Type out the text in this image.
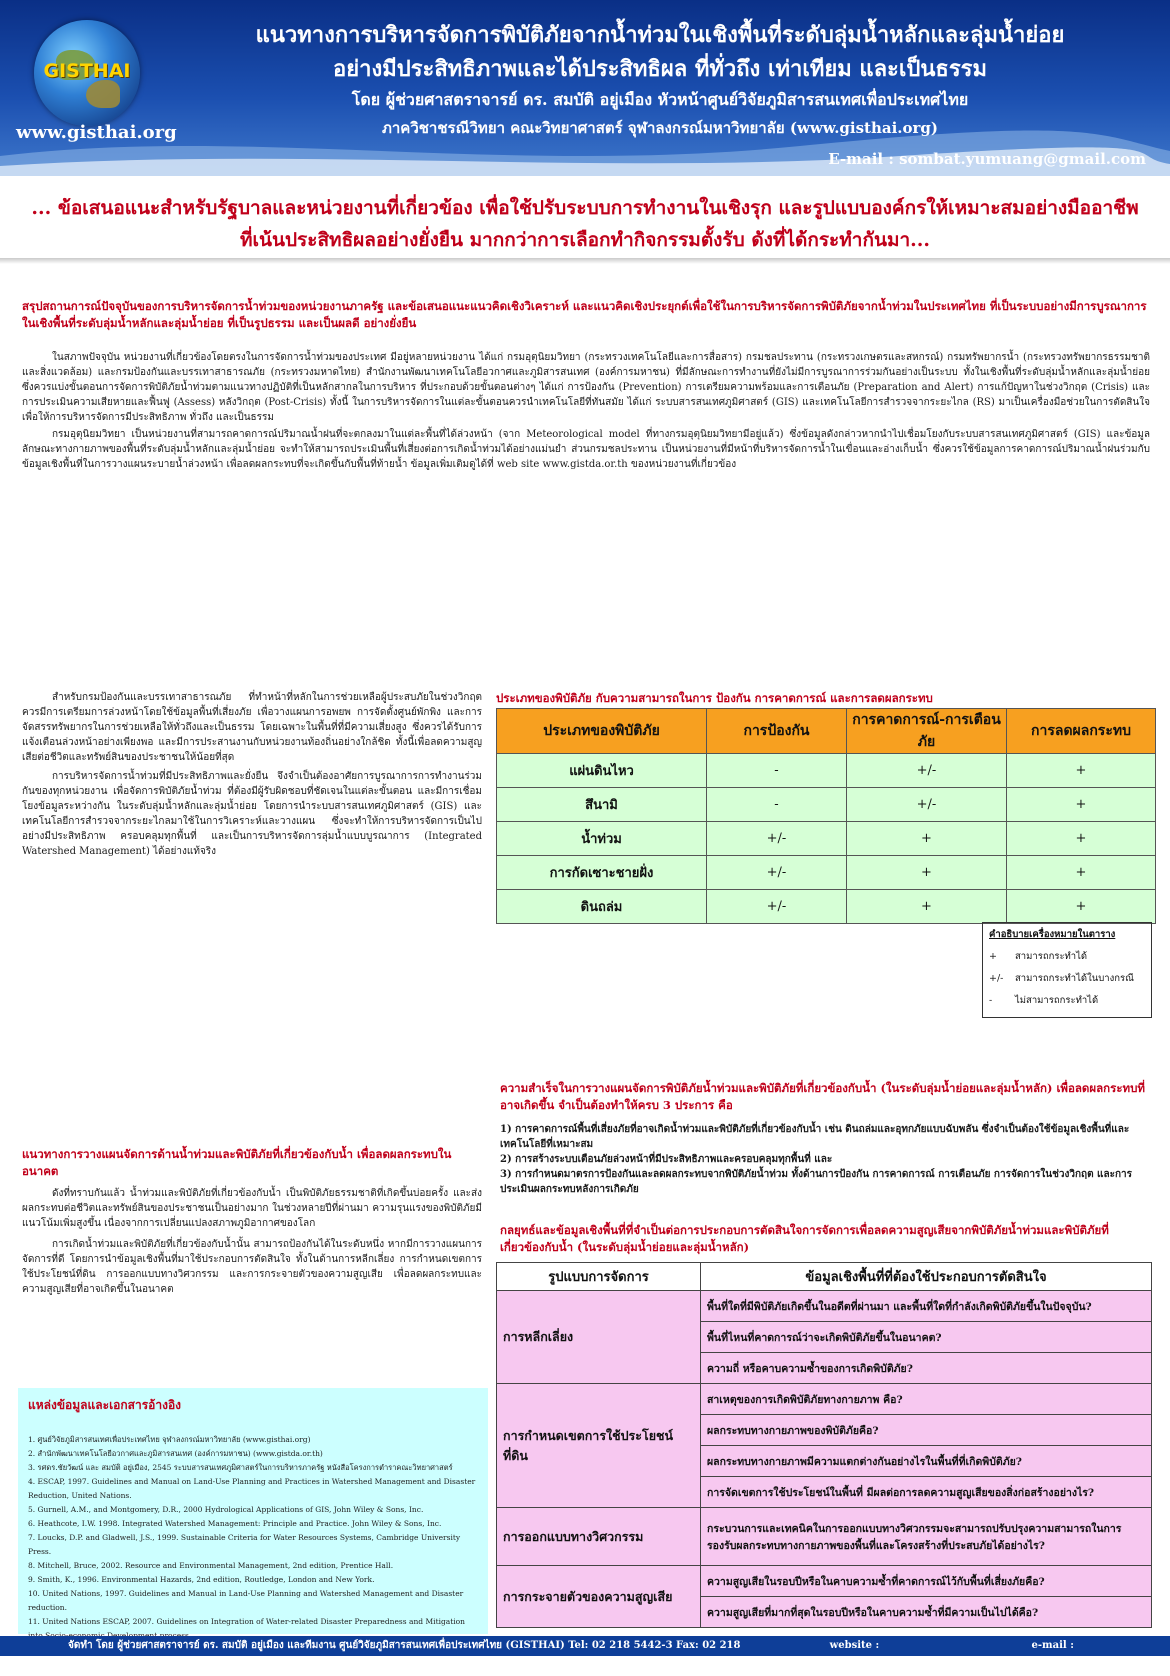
GISTHAI
www.gisthai.org
แนวทางการบริหารจัดการพิบัติภัยจากน้ำท่วมในเชิงพื้นที่ระดับลุ่มน้ำหลักและลุ่มน้ำย่อย
อย่างมีประสิทธิภาพและได้ประสิทธิผล ที่ทั่วถึง เท่าเทียม และเป็นธรรม
โดย ผู้ช่วยศาสตราจารย์ ดร. สมบัติ อยู่เมือง หัวหน้าศูนย์วิจัยภูมิสารสนเทศเพื่อประเทศไทย
ภาควิชาชรณีวิทยา คณะวิทยาศาสตร์ จุฬาลงกรณ์มหาวิทยาลัย (www.gisthai.org)
E-mail : sombat.yumuang@gmail.com
... ข้อเสนอแนะสำหรับรัฐบาลและหน่วยงานที่เกี่ยวข้อง เพื่อใช้ปรับระบบการทำงานในเชิงรุก และรูปแบบองค์กรให้เหมาะสมอย่างมืออาชีพ
ที่เน้นประสิทธิผลอย่างยั่งยืน มากกว่าการเลือกทำกิจกรรมตั้งรับ ดังที่ได้กระทำกันมา...
สรุปสถานการณ์ปัจจุบันของการบริหารจัดการน้ำท่วมของหน่วยงานภาครัฐ และข้อเสนอแนะแนวคิดเชิงวิเคราะห์ และแนวคิดเชิงประยุกต์เพื่อใช้ในการบริหารจัดการพิบัติภัยจากน้ำท่วมในประเทศไทย ที่เป็นระบบอย่างมีการบูรณาการในเชิงพื้นที่ระดับลุ่มน้ำหลักและลุ่มน้ำย่อย ที่เป็นรูปธรรม และเป็นผลดี อย่างยั่งยืน

ในสภาพปัจจุบัน หน่วยงานที่เกี่ยวข้องโดยตรงในการจัดการน้ำท่วมของประเทศ มีอยู่หลายหน่วยงาน ได้แก่ กรมอุตุนิยมวิทยา (กระทรวงเทคโนโลยีและการสื่อสาร) กรมชลประทาน (กระทรวงเกษตรและสหกรณ์) กรมทรัพยากรน้ำ (กระทรวงทรัพยากรธรรมชาติและสิ่งแวดล้อม) และกรมป้องกันและบรรเทาสาธารณภัย (กระทรวงมหาดไทย) สำนักงานพัฒนาเทคโนโลยีอวกาศและภูมิสารสนเทศ (องค์การมหาชน) ที่มีลักษณะการทำงานที่ยังไม่มีการบูรณาการร่วมกันอย่างเป็นระบบ ทั้งในเชิงพื้นที่ระดับลุ่มน้ำหลักและลุ่มน้ำย่อย ซึ่งควรแบ่งขั้นตอนการจัดการพิบัติภัยน้ำท่วมตามแนวทางปฏิบัติที่เป็นหลักสากลในการบริหาร ที่ประกอบด้วยขั้นตอนต่างๆ ได้แก่ การป้องกัน (Prevention) การเตรียมความพร้อมและการเตือนภัย (Preparation and Alert) การแก้ปัญหาในช่วงวิกฤต (Crisis) และการประเมินความเสียหายและฟื้นฟู (Assess) หลังวิกฤต (Post-Crisis) ทั้งนี้ ในการบริหารจัดการในแต่ละขั้นตอนควรนำเทคโนโลยีที่ทันสมัย ได้แก่ ระบบสารสนเทศภูมิศาสตร์ (GIS) และเทคโนโลยีการสำรวจจากระยะไกล (RS) มาเป็นเครื่องมือช่วยในการตัดสินใจ เพื่อให้การบริหารจัดการมีประสิทธิภาพ ทั่วถึง และเป็นธรรม

กรมอุตุนิยมวิทยา เป็นหน่วยงานที่สามารถคาดการณ์ปริมาณน้ำฝนที่จะตกลงมาในแต่ละพื้นที่ได้ล่วงหน้า (จาก Meteorological model ที่ทางกรมอุตุนิยมวิทยามีอยู่แล้ว) ซึ่งข้อมูลดังกล่าวหากนำไปเชื่อมโยงกับระบบสารสนเทศภูมิศาสตร์ (GIS) และข้อมูลลักษณะทางกายภาพของพื้นที่ระดับลุ่มน้ำหลักและลุ่มน้ำย่อย จะทำให้สามารถประเมินพื้นที่เสี่ยงต่อการเกิดน้ำท่วมได้อย่างแม่นยำ ส่วนกรมชลประทาน เป็นหน่วยงานที่มีหน้าที่บริหารจัดการน้ำในเขื่อนและอ่างเก็บน้ำ ซึ่งควรใช้ข้อมูลการคาดการณ์ปริมาณน้ำฝนร่วมกับข้อมูลเชิงพื้นที่ในการวางแผนระบายน้ำล่วงหน้า เพื่อลดผลกระทบที่จะเกิดขึ้นกับพื้นที่ท้ายน้ำ ข้อมูลเพิ่มเติมดูได้ที่ web site www.gistda.or.th ของหน่วยงานที่เกี่ยวข้อง

สำหรับกรมป้องกันและบรรเทาสาธารณภัย ที่ทำหน้าที่หลักในการช่วยเหลือผู้ประสบภัยในช่วงวิกฤต ควรมีการเตรียมการล่วงหน้าโดยใช้ข้อมูลพื้นที่เสี่ยงภัย เพื่อวางแผนการอพยพ การจัดตั้งศูนย์พักพิง และการจัดสรรทรัพยากรในการช่วยเหลือให้ทั่วถึงและเป็นธรรม โดยเฉพาะในพื้นที่ที่มีความเสี่ยงสูง ซึ่งควรได้รับการแจ้งเตือนล่วงหน้าอย่างเพียงพอ และมีการประสานงานกับหน่วยงานท้องถิ่นอย่างใกล้ชิด ทั้งนี้เพื่อลดความสูญเสียต่อชีวิตและทรัพย์สินของประชาชนให้น้อยที่สุด

การบริหารจัดการน้ำท่วมที่มีประสิทธิภาพและยั่งยืน จึงจำเป็นต้องอาศัยการบูรณาการการทำงานร่วมกันของทุกหน่วยงาน เพื่อจัดการพิบัติภัยน้ำท่วม ที่ต้องมีผู้รับผิดชอบที่ชัดเจนในแต่ละขั้นตอน และมีการเชื่อมโยงข้อมูลระหว่างกัน ในระดับลุ่มน้ำหลักและลุ่มน้ำย่อย โดยการนำระบบสารสนเทศภูมิศาสตร์ (GIS) และเทคโนโลยีการสำรวจจากระยะไกลมาใช้ในการวิเคราะห์และวางแผน ซึ่งจะทำให้การบริหารจัดการเป็นไปอย่างมีประสิทธิภาพ ครอบคลุมทุกพื้นที่ และเป็นการบริหารจัดการลุ่มน้ำแบบบูรณาการ (Integrated Watershed Management) ได้อย่างแท้จริง

แนวทางการวางแผนจัดการด้านน้ำท่วมและพิบัติภัยที่เกี่ยวข้องกับน้ำ เพื่อลดผลกระทบในอนาคต

ดังที่ทราบกันแล้ว น้ำท่วมและพิบัติภัยที่เกี่ยวข้องกับน้ำ เป็นพิบัติภัยธรรมชาติที่เกิดขึ้นบ่อยครั้ง และส่งผลกระทบต่อชีวิตและทรัพย์สินของประชาชนเป็นอย่างมาก ในช่วงหลายปีที่ผ่านมา ความรุนแรงของพิบัติภัยมีแนวโน้มเพิ่มสูงขึ้น เนื่องจากการเปลี่ยนแปลงสภาพภูมิอากาศของโลก

การเกิดน้ำท่วมและพิบัติภัยที่เกี่ยวข้องกับน้ำนั้น สามารถป้องกันได้ในระดับหนึ่ง หากมีการวางแผนการจัดการที่ดี โดยการนำข้อมูลเชิงพื้นที่มาใช้ประกอบการตัดสินใจ ทั้งในด้านการหลีกเลี่ยง การกำหนดเขตการใช้ประโยชน์ที่ดิน การออกแบบทางวิศวกรรม และการกระจายตัวของความสูญเสีย เพื่อลดผลกระทบและความสูญเสียที่อาจเกิดขึ้นในอนาคต

ประเภทของพิบัติภัย กับความสามารถในการ ป้องกัน การคาดการณ์ และการลดผลกระทบ
ประเภทของพิบัติภัย	การป้องกัน	การคาดการณ์-การเตือนภัย	การลดผลกระทบ
แผ่นดินไหว	-	+/-	+
สึนามิ	-	+/-	+
น้ำท่วม	+/-	+	+
การกัดเซาะชายฝั่ง	+/-	+	+
ดินถล่ม	+/-	+	+
คำอธิบายเครื่องหมายในตาราง
+	สามารถกระทำได้
+/-	สามารถกระทำได้ในบางกรณี
-	ไม่สามารถกระทำได้
ความสำเร็จในการวางแผนจัดการพิบัติภัยน้ำท่วมและพิบัติภัยที่เกี่ยวข้องกับน้ำ (ในระดับลุ่มน้ำย่อยและลุ่มน้ำหลัก) เพื่อลดผลกระทบที่อาจเกิดขึ้น จำเป็นต้องทำให้ครบ 3 ประการ คือ
1) การคาดการณ์พื้นที่เสี่ยงภัยที่อาจเกิดน้ำท่วมและพิบัติภัยที่เกี่ยวข้องกับน้ำ เช่น ดินถล่มและอุทกภัยแบบฉับพลัน ซึ่งจำเป็นต้องใช้ข้อมูลเชิงพื้นที่และเทคโนโลยีที่เหมาะสม
2) การสร้างระบบเตือนภัยล่วงหน้าที่มีประสิทธิภาพและครอบคลุมทุกพื้นที่ และ
3) การกำหนดมาตรการป้องกันและลดผลกระทบจากพิบัติภัยน้ำท่วม ทั้งด้านการป้องกัน การคาดการณ์ การเตือนภัย การจัดการในช่วงวิกฤต และการประเมินผลกระทบหลังการเกิดภัย
กลยุทธ์และข้อมูลเชิงพื้นที่ที่จำเป็นต่อการประกอบการตัดสินใจการจัดการเพื่อลดความสูญเสียจากพิบัติภัยน้ำท่วมและพิบัติภัยที่เกี่ยวข้องกับน้ำ (ในระดับลุ่มน้ำย่อยและลุ่มน้ำหลัก)
รูปแบบการจัดการ	ข้อมูลเชิงพื้นที่ที่ต้องใช้ประกอบการตัดสินใจ
การหลีกเลี่ยง	พื้นที่ใดที่มีพิบัติภัยเกิดขึ้นในอดีตที่ผ่านมา และพื้นที่ใดที่กำลังเกิดพิบัติภัยขึ้นในปัจจุบัน?
	พื้นที่ไหนที่คาดการณ์ว่าจะเกิดพิบัติภัยขึ้นในอนาคต?
	ความถี่ หรือคาบความซ้ำของการเกิดพิบัติภัย?
การกำหนดเขตการใช้ประโยชน์ที่ดิน	สาเหตุของการเกิดพิบัติภัยทางกายภาพ คือ?
	ผลกระทบทางกายภาพของพิบัติภัยคือ?
	ผลกระทบทางกายภาพมีความแตกต่างกันอย่างไรในพื้นที่ที่เกิดพิบัติภัย?
	การจัดเขตการใช้ประโยชน์ในพื้นที่ มีผลต่อการลดความสูญเสียของสิ่งก่อสร้างอย่างไร?
การออกแบบทางวิศวกรรม	กระบวนการและเทคนิคในการออกแบบทางวิศวกรรมจะสามารถปรับปรุงความสามารถในการรองรับผลกระทบทางกายภาพของพื้นที่และโครงสร้างที่ประสบภัยได้อย่างไร?
การกระจายตัวของความสูญเสีย	ความสูญเสียในรอบปีหรือในคาบความซ้ำที่คาดการณ์ไว้กับพื้นที่เสี่ยงภัยคือ?
	ความสูญเสียที่มากที่สุดในรอบปีหรือในคาบความซ้ำที่มีความเป็นไปได้คือ?
แหล่งข้อมูลและเอกสารอ้างอิง
1. ศูนย์วิจัยภูมิสารสนเทศเพื่อประเทศไทย จุฬาลงกรณ์มหาวิทยาลัย (www.gisthai.org)
2. สำนักพัฒนาเทคโนโลยีอวกาศและภูมิสารสนเทศ (องค์การมหาชน) (www.gistda.or.th)
3. รศดร.ชัยวัฒน์ และ สมบัติ อยู่เมือง, 2545 ระบบสารสนเทศภูมิศาสตร์ในการบริหารภาครัฐ หนังสือโครงการตำราคณะวิทยาศาสตร์
4. ESCAP, 1997. Guidelines and Manual on Land-Use Planning and Practices in Watershed Management and Disaster Reduction, United Nations.
5. Gurnell, A.M., and Montgomery, D.R., 2000 Hydrological Applications of GIS, John Wiley & Sons, Inc.
6. Heathcote, I.W. 1998. Integrated Watershed Management: Principle and Practice. John Wiley & Sons, Inc.
7. Loucks, D.P. and Gladwell, J.S., 1999. Sustainable Criteria for Water Resources Systems, Cambridge University Press.
8. Mitchell, Bruce, 2002. Resource and Environmental Management, 2nd edition, Prentice Hall.
9. Smith, K., 1996. Environmental Hazards, 2nd edition, Routledge, London and New York.
10. United Nations, 1997. Guidelines and Manual in Land-Use Planning and Watershed Management and Disaster reduction.
11. United Nations ESCAP, 2007. Guidelines on Integration of Water-related Disaster Preparedness and Mitigation
จัดทำ โดย ผู้ช่วยศาสตราจารย์ ดร. สมบัติ อยู่เมือง และทีมงาน ศูนย์วิจัยภูมิสารสนเทศเพื่อประเทศไทย (GISTHAI) Tel: 02 218 5442-3 Fax: 02 218 5464
website : www.gisthai.org
e-mail : info@gisthai.org
